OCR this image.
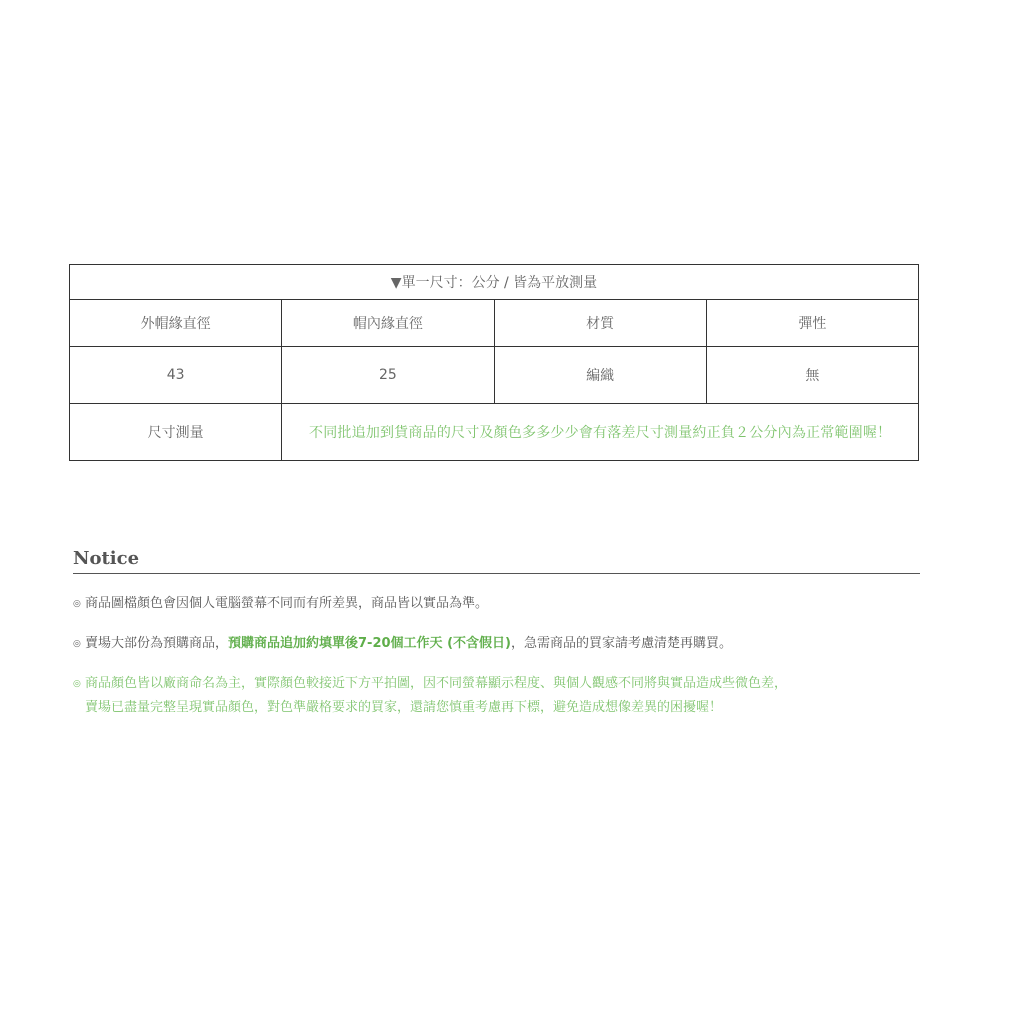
▼單一尺寸：公分 / 皆為平放測量			
外帽緣直徑	帽內緣直徑	材質	彈性
43	25	編織	無
尺寸測量	不同批追加到貨商品的尺寸及顏色多多少少會有落差尺寸測量約正負２公分內為正常範圍喔！		
Notice
◎ 商品圖檔顏色會因個人電腦螢幕不同而有所差異，商品皆以實品為準。
◎ 賣場大部份為預購商品，預購商品追加約填單後7-20個工作天 (不含假日)，急需商品的買家請考慮清楚再購買。
◎ 商品顏色皆以廠商命名為主，實際顏色較接近下方平拍圖，因不同螢幕顯示程度、與個人觀感不同將與實品造成些微色差，
賣場已盡量完整呈現實品顏色，對色準嚴格要求的買家，還請您慎重考慮再下標，避免造成想像差異的困擾喔！
